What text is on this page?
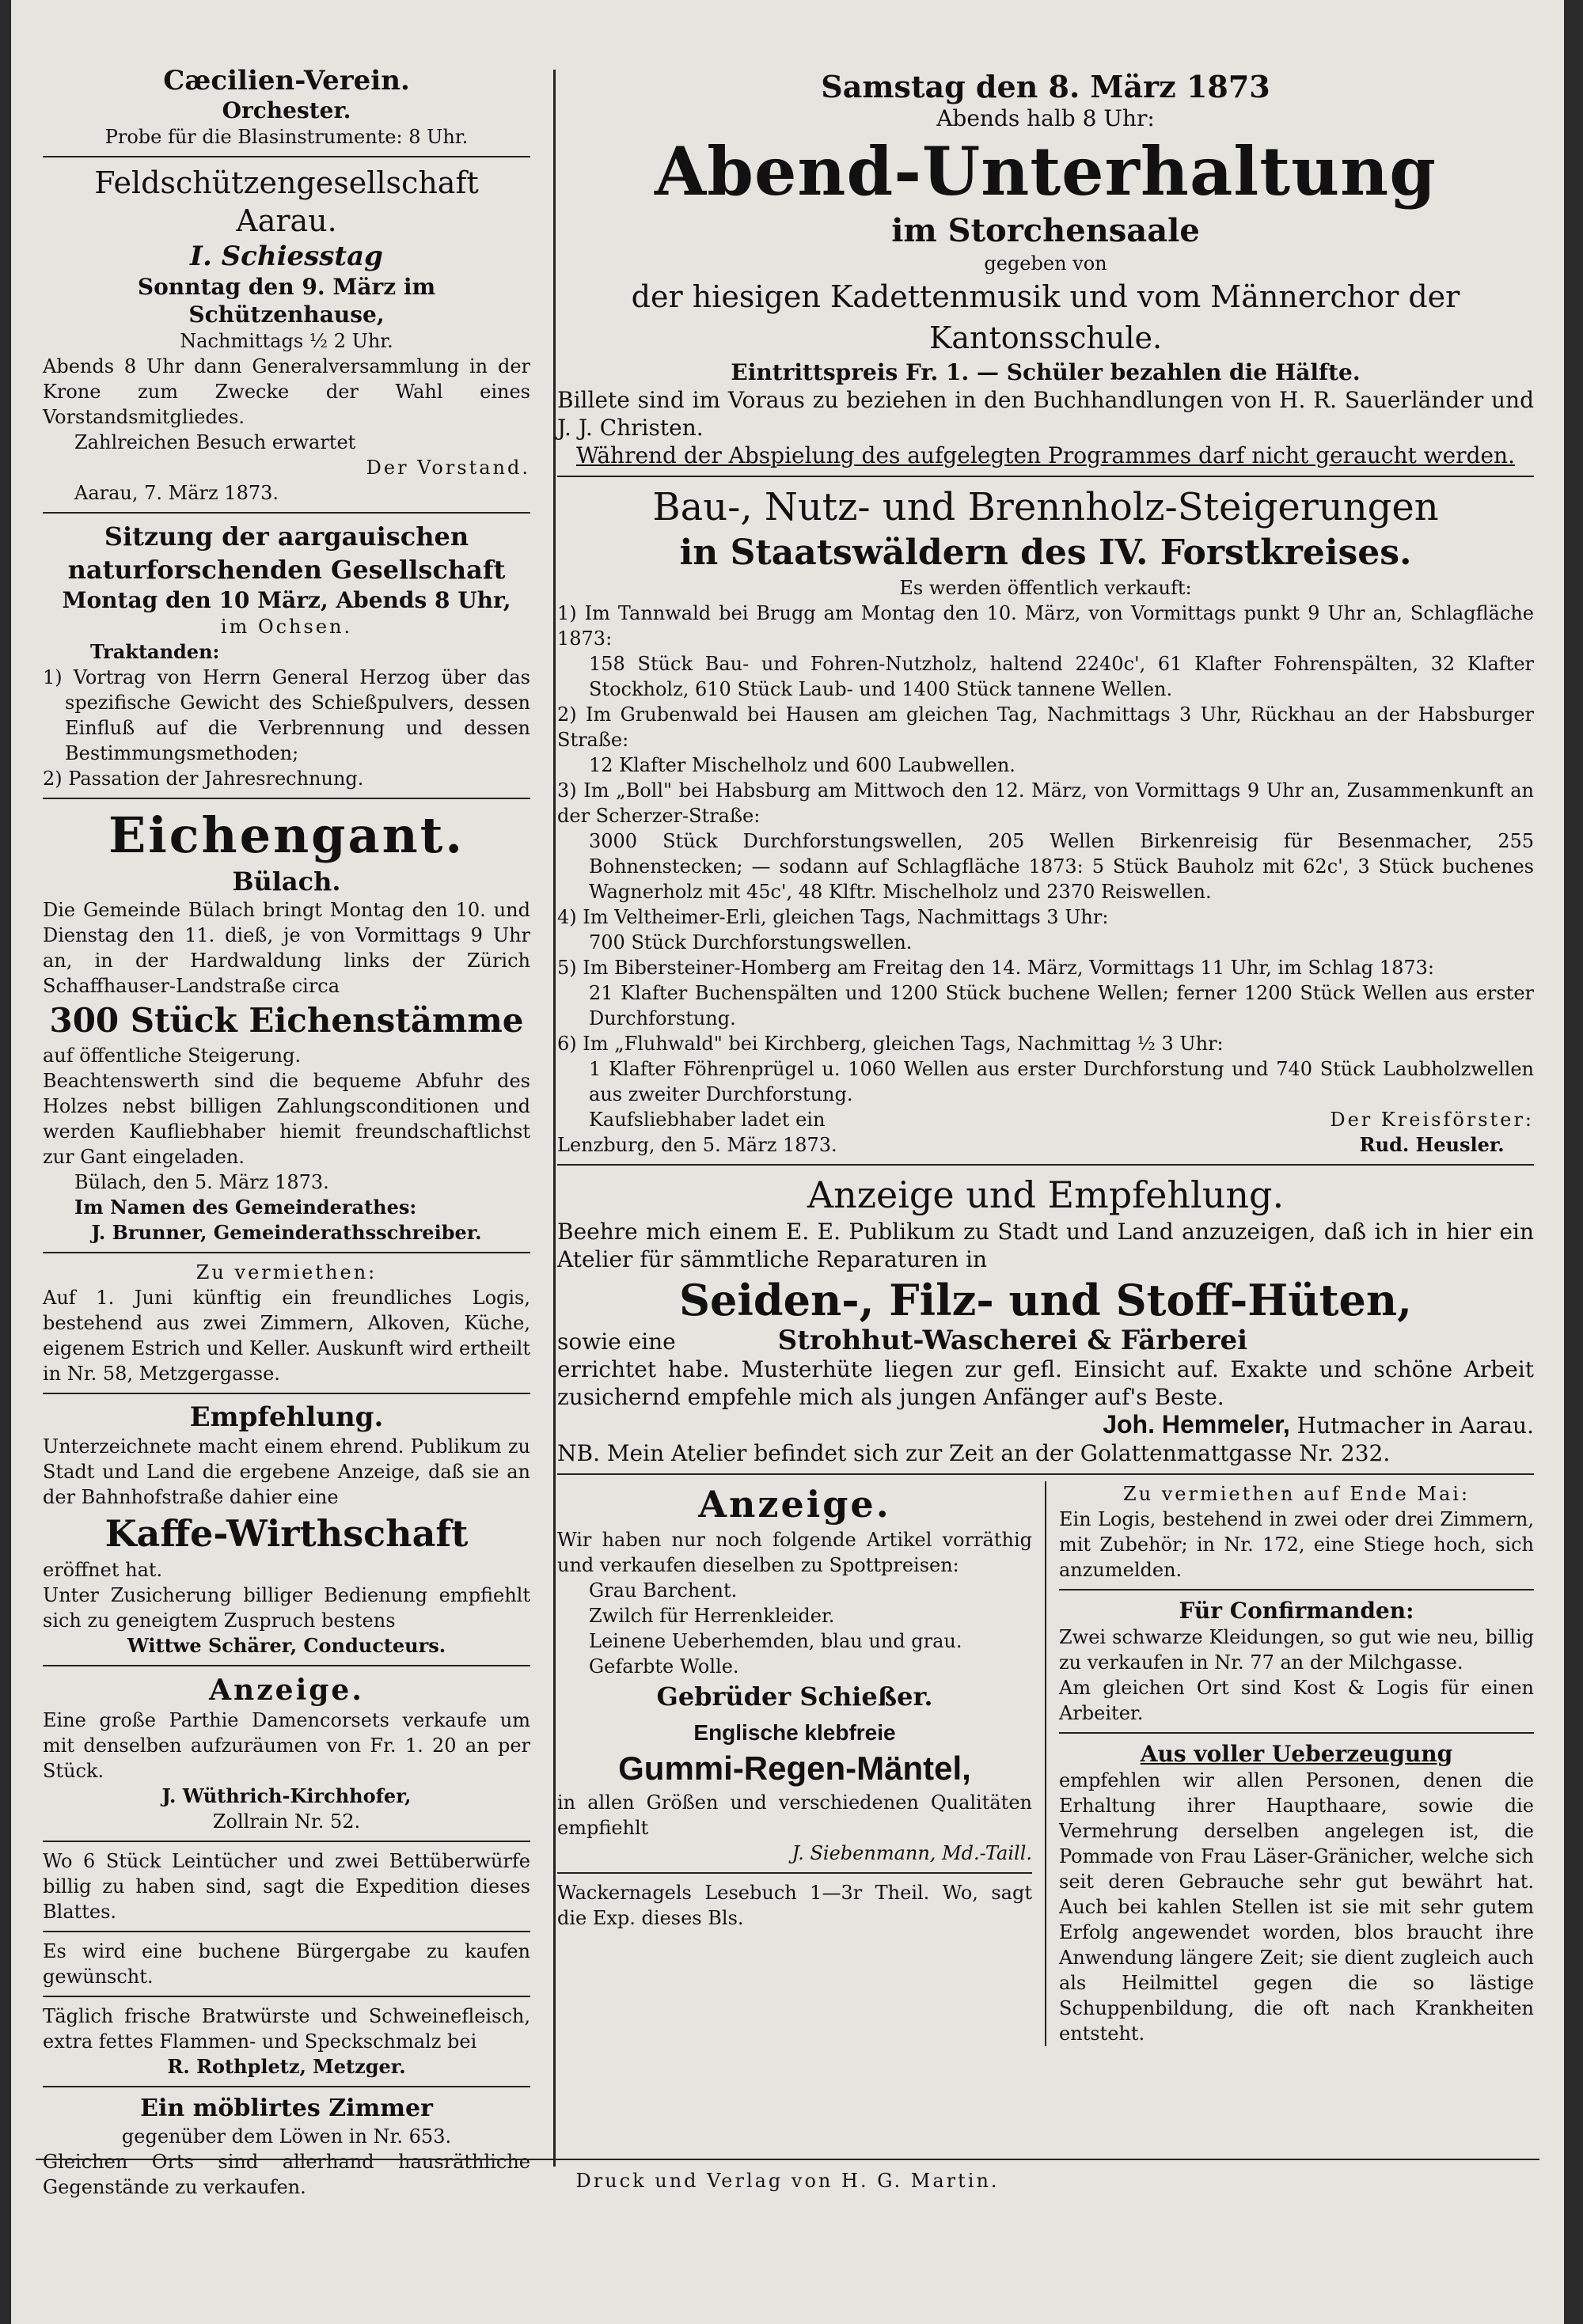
Cæcilien-Verein.

Orchester.

Probe für die Blasinstrumente: 8 Uhr.

Feldschützengesellschaft Aarau.

I. Schiesstag

Sonntag den 9. März im Schützenhause,

Nachmittags ½ 2 Uhr.

Abends 8 Uhr dann Generalversammlung in der Krone zum Zwecke der Wahl eines Vorstandsmitgliedes.

Zahlreichen Besuch erwartet

Der Vorstand.

Aarau, 7. März 1873.

Sitzung der aargauischen naturforschenden Gesellschaft

Montag den 10 März, Abends 8 Uhr,

im Ochsen.

Traktanden:

1) Vortrag von Herrn General Herzog über das spezifische Gewicht des Schießpulvers, dessen Einfluß auf die Verbrennung und dessen Bestimmungsmethoden;

2) Passation der Jahresrechnung.

Eichengant.

Bülach.

Die Gemeinde Bülach bringt Montag den 10. und Dienstag den 11. dieß, je von Vormittags 9 Uhr an, in der Hardwaldung links der Zürich Schaffhauser-Landstraße circa

300 Stück Eichenstämme

auf öffentliche Steigerung.

Beachtenswerth sind die bequeme Abfuhr des Holzes nebst billigen Zahlungsconditionen und werden Kaufliebhaber hiemit freundschaftlichst zur Gant eingeladen.

Bülach, den 5. März 1873.

Im Namen des Gemeinderathes:

J. Brunner, Gemeinderathsschreiber.

Zu vermiethen:

Auf 1. Juni künftig ein freundliches Logis, bestehend aus zwei Zimmern, Alkoven, Küche, eigenem Estrich und Keller. Auskunft wird ertheilt in Nr. 58, Metzgergasse.

Empfehlung.

Unterzeichnete macht einem ehrend. Publikum zu Stadt und Land die ergebene Anzeige, daß sie an der Bahnhofstraße dahier eine

Kaffe-Wirthschaft

eröffnet hat.

Unter Zusicherung billiger Bedienung empfiehlt sich zu geneigtem Zuspruch bestens

Wittwe Schärer, Conducteurs.

Anzeige.

Eine große Parthie Damencorsets verkaufe um mit denselben aufzuräumen von Fr. 1. 20 an per Stück.

J. Wüthrich-Kirchhofer,

Zollrain Nr. 52.

Wo 6 Stück Leintücher und zwei Bettüberwürfe billig zu haben sind, sagt die Expedition dieses Blattes.

Es wird eine buchene Bürgergabe zu kaufen gewünscht.

Täglich frische Bratwürste und Schweinefleisch, extra fettes Flammen- und Speckschmalz bei

R. Rothpletz, Metzger.

Ein möblirtes Zimmer

gegenüber dem Löwen in Nr. 653.

Gleichen Orts sind allerhand hausräthliche Gegenstände zu verkaufen.

Samstag den 8. März 1873

Abends halb 8 Uhr:

Abend-Unterhaltung

im Storchensaale

gegeben von

der hiesigen Kadettenmusik und vom Männerchor der Kantonsschule.

Eintrittspreis Fr. 1. — Schüler bezahlen die Hälfte.

Billete sind im Voraus zu beziehen in den Buchhandlungen von H. R. Sauerländer und J. J. Christen.

Während der Abspielung des aufgelegten Programmes darf nicht geraucht werden.

Bau-, Nutz- und Brennholz-Steigerungen

in Staatswäldern des IV. Forstkreises.

Es werden öffentlich verkauft:

1) Im Tannwald bei Brugg am Montag den 10. März, von Vormittags punkt 9 Uhr an, Schlagfläche 1873:

158 Stück Bau- und Fohren-Nutzholz, haltend 2240c', 61 Klafter Fohrenspälten, 32 Klafter Stockholz, 610 Stück Laub- und 1400 Stück tannene Wellen.

2) Im Grubenwald bei Hausen am gleichen Tag, Nachmittags 3 Uhr, Rückhau an der Habsburger Straße:

12 Klafter Mischelholz und 600 Laubwellen.

3) Im „Boll" bei Habsburg am Mittwoch den 12. März, von Vormittags 9 Uhr an, Zusammenkunft an der Scherzer-Straße:

3000 Stück Durchforstungswellen, 205 Wellen Birkenreisig für Besenmacher, 255 Bohnenstecken; — sodann auf Schlagfläche 1873: 5 Stück Bauholz mit 62c', 3 Stück buchenes Wagnerholz mit 45c', 48 Klftr. Mischelholz und 2370 Reiswellen.

4) Im Veltheimer-Erli, gleichen Tags, Nachmittags 3 Uhr:

700 Stück Durchforstungswellen.

5) Im Bibersteiner-Homberg am Freitag den 14. März, Vormittags 11 Uhr, im Schlag 1873:

21 Klafter Buchenspälten und 1200 Stück buchene Wellen; ferner 1200 Stück Wellen aus erster Durchforstung.

6) Im „Fluhwald" bei Kirchberg, gleichen Tags, Nachmittag ½ 3 Uhr:

1 Klafter Föhrenprügel u. 1060 Wellen aus erster Durchforstung und 740 Stück Laubholzwellen aus zweiter Durchforstung.

Kaufsliebhaber ladet ein

Lenzburg, den 5. März 1873.

Der Kreisförster:

Rud. Heusler.

Anzeige und Empfehlung.

Beehre mich einem E. E. Publikum zu Stadt und Land anzuzeigen, daß ich in hier ein Atelier für sämmtliche Reparaturen in

Seiden-, Filz- und Stoff-Hüten,

sowie eine	Strohhut-Wascherei & Färberei

errichtet habe. Musterhüte liegen zur gefl. Einsicht auf. Exakte und schöne Arbeit zusichernd empfehle mich als jungen Anfänger auf's Beste.

Joh. Hemmeler, Hutmacher in Aarau.

NB. Mein Atelier befindet sich zur Zeit an der Golattenmattgasse Nr. 232.

Anzeige.

Wir haben nur noch folgende Artikel vorräthig und verkaufen dieselben zu Spottpreisen:

Grau Barchent.

Zwilch für Herrenkleider.

Leinene Ueberhemden, blau und grau.

Gefarbte Wolle.

Gebrüder Schießer.

Englische klebfreie

Gummi-Regen-Mäntel,

in allen Größen und verschiedenen Qualitäten empfiehlt

J. Siebenmann, Md.-Taill.

Wackernagels Lesebuch 1—3r Theil. Wo, sagt die Exp. dieses Bls.

Zu vermiethen auf Ende Mai:

Ein Logis, bestehend in zwei oder drei Zimmern, mit Zubehör; in Nr. 172, eine Stiege hoch, sich anzumelden.

Für Confirmanden:

Zwei schwarze Kleidungen, so gut wie neu, billig zu verkaufen in Nr. 77 an der Milchgasse.

Am gleichen Ort sind Kost & Logis für einen Arbeiter.

Aus voller Ueberzeugung

empfehlen wir allen Personen, denen die Erhaltung ihrer Haupthaare, sowie die Vermehrung derselben angelegen ist, die Pommade von Frau Läser-Gränicher, welche sich seit deren Gebrauche sehr gut bewährt hat. Auch bei kahlen Stellen ist sie mit sehr gutem Erfolg angewendet worden, blos braucht ihre Anwendung längere Zeit; sie dient zugleich auch als Heilmittel gegen die so lästige Schuppenbildung, die oft nach Krankheiten entsteht.

Druck und Verlag von H. G. Martin.
